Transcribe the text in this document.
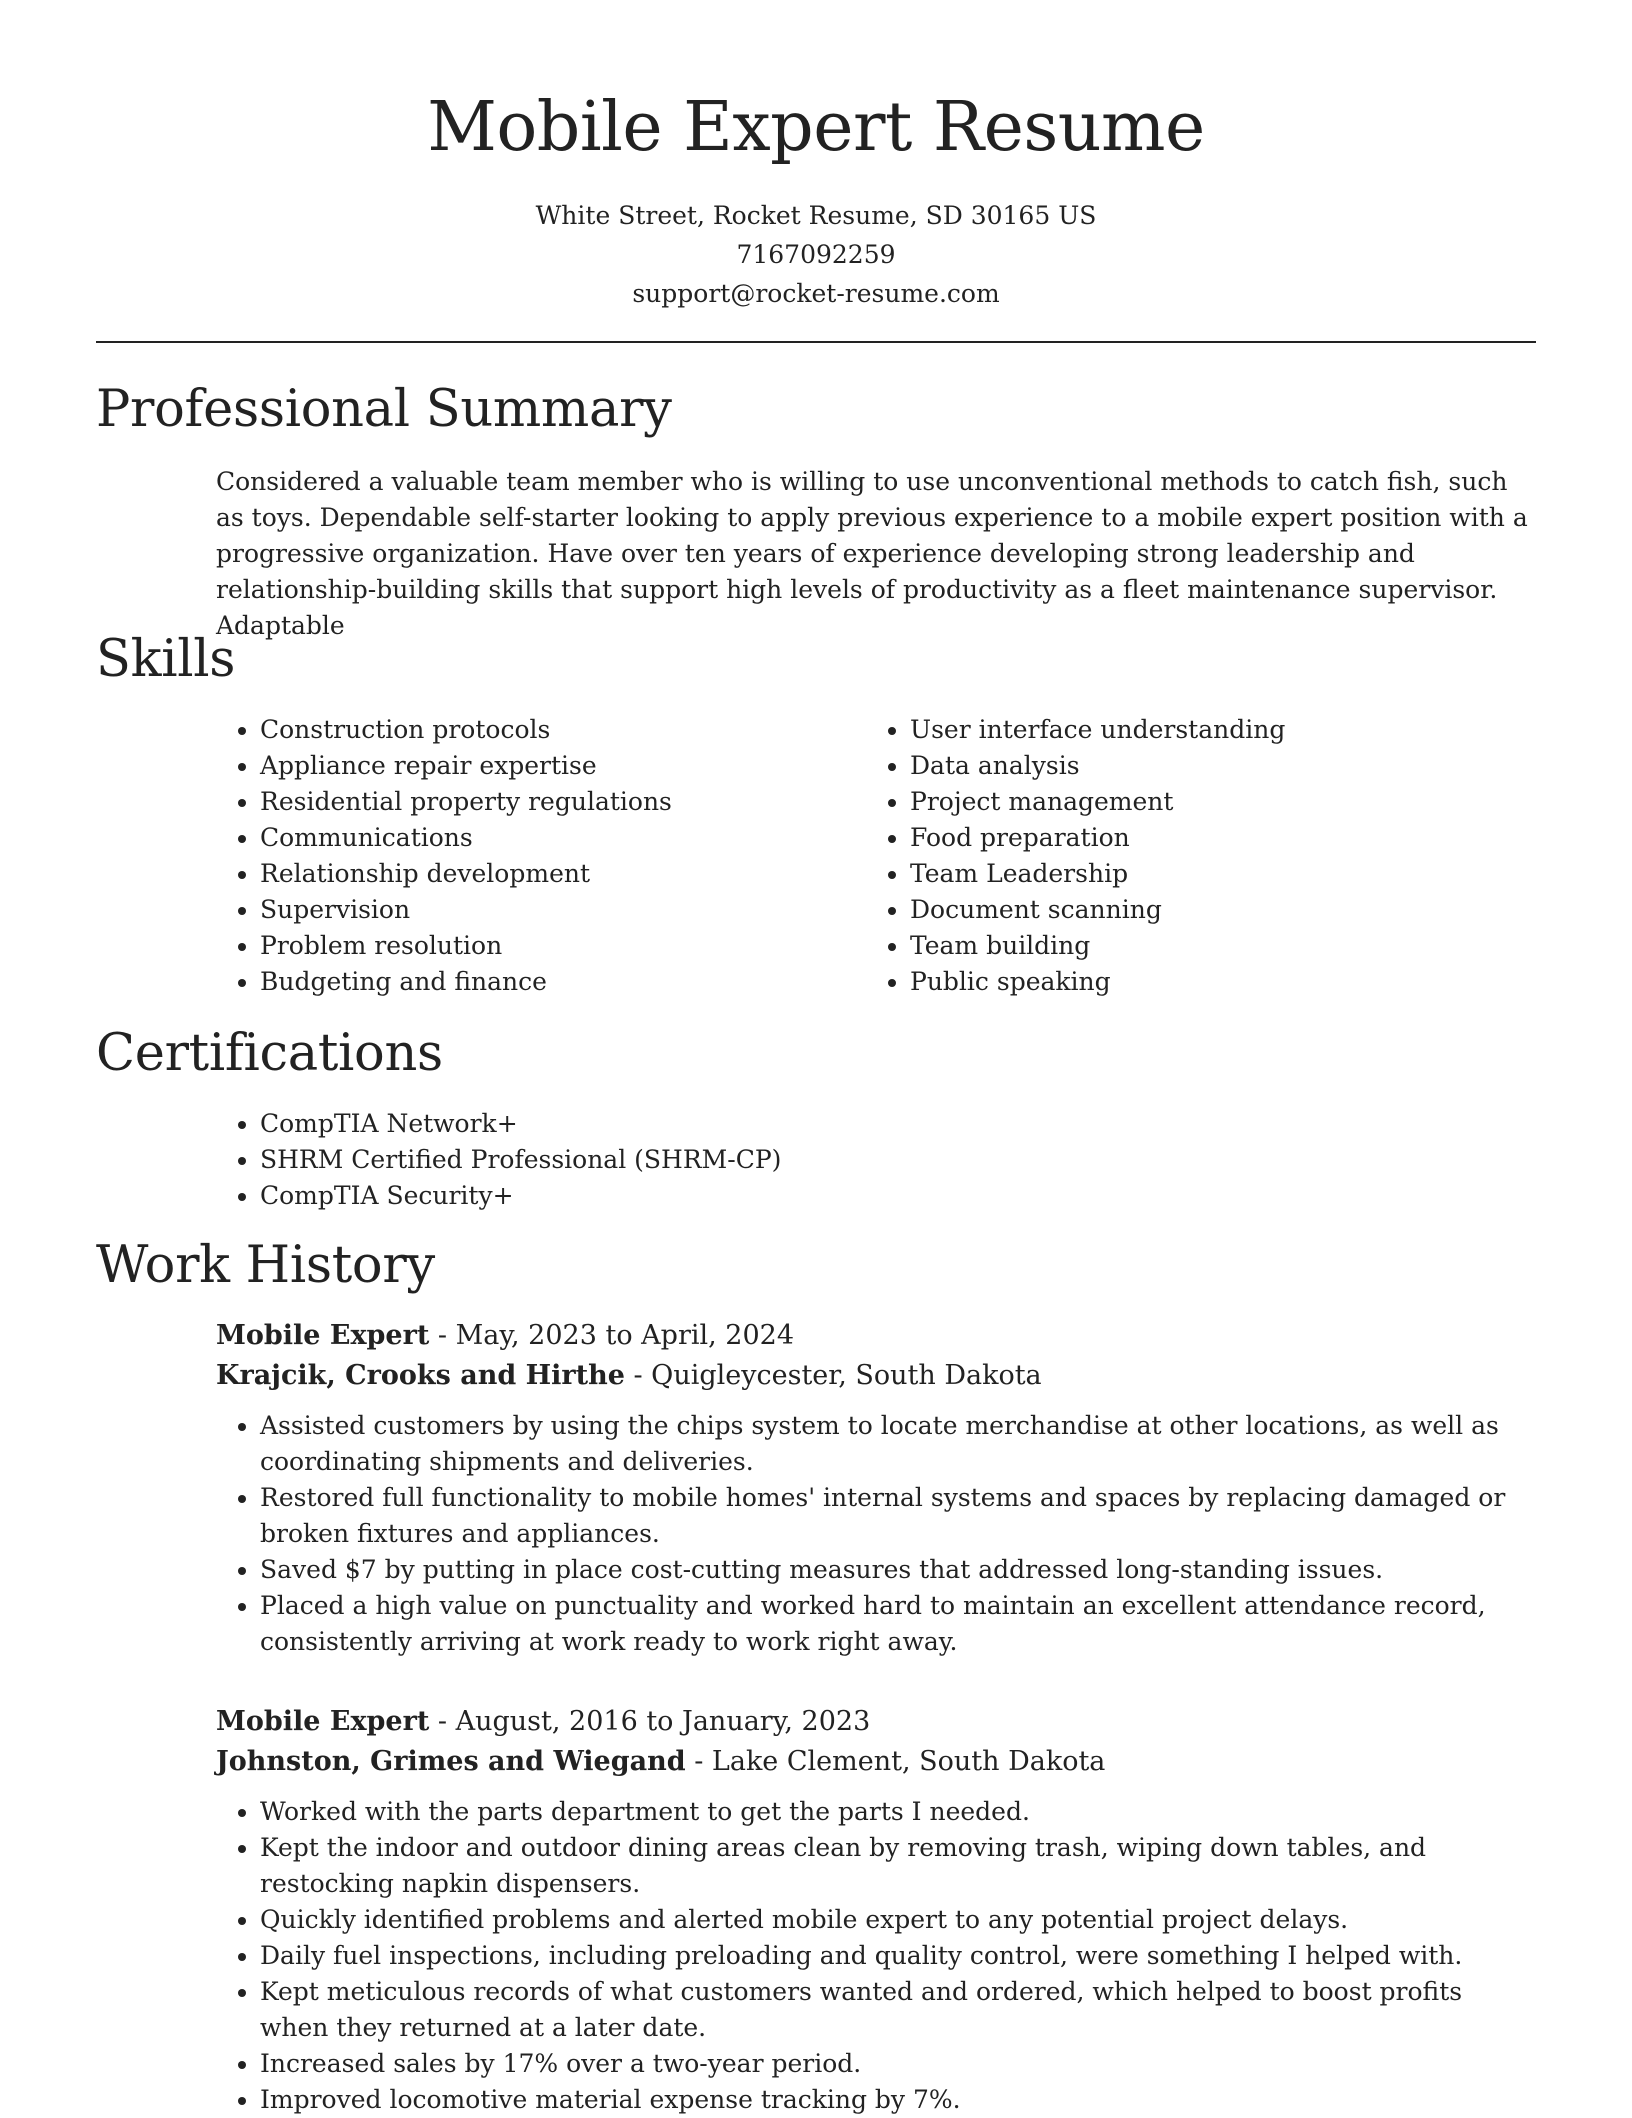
Mobile Expert Resume
White Street, Rocket Resume, SD 30165 US
7167092259
support@rocket-resume.com
Professional Summary

Considered a valuable team member who is willing to use unconventional methods to catch fish, such as toys. Dependable self-starter looking to apply previous experience to a mobile expert position with a progressive organization. Have over ten years of experience developing strong leadership and relationship-building skills that support high levels of productivity as a fleet maintenance supervisor. Adaptable

Skills
• Construction protocols
• Appliance repair expertise
• Residential property regulations
• Communications
• Relationship development
• Supervision
• Problem resolution
• Budgeting and finance
• User interface understanding
• Data analysis
• Project management
• Food preparation
• Team Leadership
• Document scanning
• Team building
• Public speaking
Certifications
• CompTIA Network+
• SHRM Certified Professional (SHRM-CP)
• CompTIA Security+
Work History
Mobile Expert - May, 2023 to April, 2024
Krajcik, Crooks and Hirthe - Quigleycester, South Dakota
• Assisted customers by using the chips system to locate merchandise at other locations, as well as coordinating shipments and deliveries.
• Restored full functionality to mobile homes' internal systems and spaces by replacing damaged or broken fixtures and appliances.
• Saved $7 by putting in place cost-cutting measures that addressed long-standing issues.
• Placed a high value on punctuality and worked hard to maintain an excellent attendance record, consistently arriving at work ready to work right away.
Mobile Expert - August, 2016 to January, 2023
Johnston, Grimes and Wiegand - Lake Clement, South Dakota
• Worked with the parts department to get the parts I needed.
• Kept the indoor and outdoor dining areas clean by removing trash, wiping down tables, and restocking napkin dispensers.
• Quickly identified problems and alerted mobile expert to any potential project delays.
• Daily fuel inspections, including preloading and quality control, were something I helped with.
• Kept meticulous records of what customers wanted and ordered, which helped to boost profits when they returned at a later date.
• Increased sales by 17% over a two-year period.
• Improved locomotive material expense tracking by 7%.
